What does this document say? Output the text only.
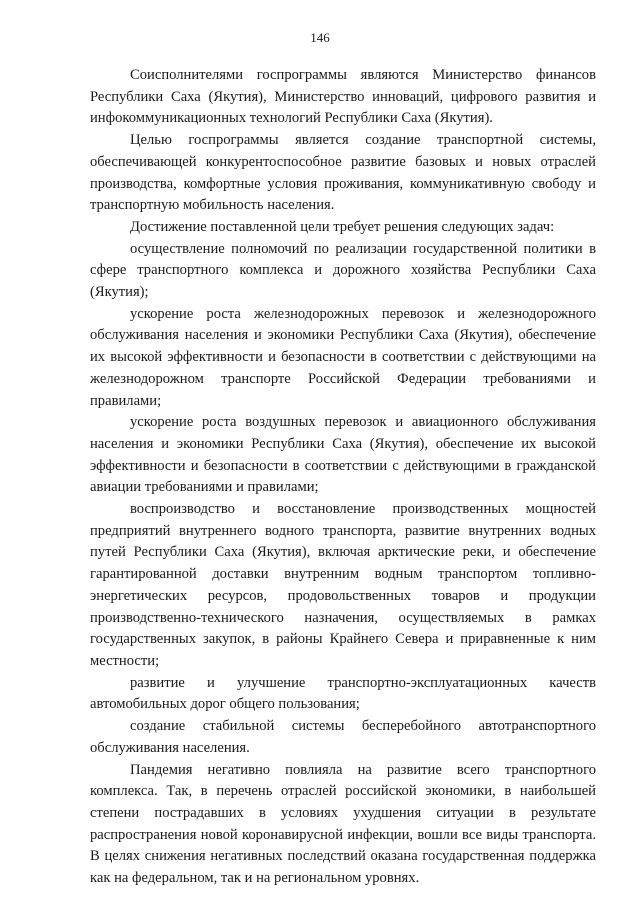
146

Соисполнителями госпрограммы являются Министерство финансов Республики Саха (Якутия), Министерство инноваций, цифрового развития и инфокоммуникационных технологий Республики Саха (Якутия).

Целью госпрограммы является создание транспортной системы, обеспечивающей конкурентоспособное развитие базовых и новых отраслей производства, комфортные условия проживания, коммуникативную свободу и транспортную мобильность населения.

Достижение поставленной цели требует решения следующих задач:

осуществление полномочий по реализации государственной политики в сфере транспортного комплекса и дорожного хозяйства Республики Саха (Якутия);

ускорение роста железнодорожных перевозок и железнодорожного обслуживания населения и экономики Республики Саха (Якутия), обеспечение их высокой эффективности и безопасности в соответствии с действующими на железнодорожном транспорте Российской Федерации требованиями и правилами;

ускорение роста воздушных перевозок и авиационного обслуживания населения и экономики Республики Саха (Якутия), обеспечение их высокой эффективности и безопасности в соответствии с действующими в гражданской авиации требованиями и правилами;

воспроизводство и восстановление производственных мощностей предприятий внутреннего водного транспорта, развитие внутренних водных путей Республики Саха (Якутия), включая арктические реки, и обеспечение гарантированной доставки внутренним водным транспортом топливно-энергетических ресурсов, продовольственных товаров и продукции производственно-технического назначения, осуществляемых в рамках государственных закупок, в районы Крайнего Севера и приравненные к ним местности;

развитие и улучшение транспортно-эксплуатационных качеств автомобильных дорог общего пользования;

создание стабильной системы бесперебойного автотранспортного обслуживания населения.

Пандемия негативно повлияла на развитие всего транспортного комплекса. Так, в перечень отраслей российской экономики, в наибольшей степени пострадавших в условиях ухудшения ситуации в результате распространения новой коронавирусной инфекции, вошли все виды транспорта. В целях снижения негативных последствий оказана государственная поддержка как на федеральном, так и на региональном уровнях.
